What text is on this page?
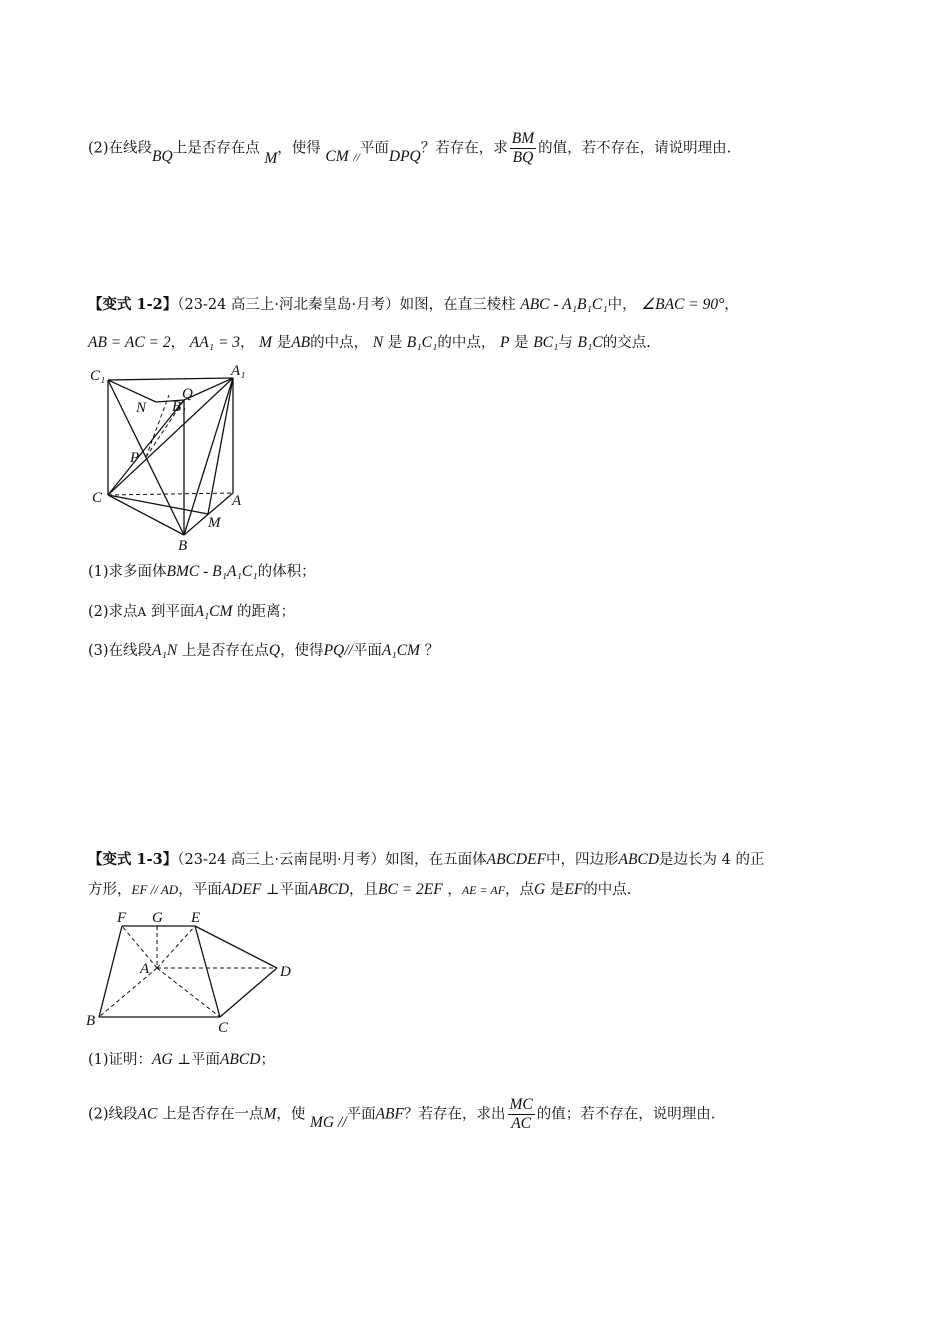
(2)在线段BQ上是否存在点 M，使得 CM $_{//}$平面DPQ？若存在，求 $\frac{BM}{BQ}$ 的值，若不存在，请说明理由.
【变式 1-2】（23-24 高三上·河北秦皇岛·月考）如图，在直三棱柱 ABC - A₁B₁C₁中， ∠BAC = 90°，
AB = AC = 2， AA₁ = 3， M 是AB的中点， N 是 B₁C₁的中点， P 是 BC₁与 B₁C的交点.
C₁	A₁
B₁
Q
N
P
C	A
M
B
(1)求多面体BMC - B₁A₁C₁的体积；
(2)求点A 到平面A₁CM 的距离；
(3)在线段A₁N 上是否存在点Q，使得PQ//平面A₁CM ？
【变式 1-3】（23-24 高三上·云南昆明·月考）如图，在五面体ABCDEF中，四边形ABCD是边长为 4 的正
方形，EF // AD，平面ADEF ⊥平面ABCD，且BC = 2EF ，AE = AF，点G 是EF的中点.
F G E
A	D
B	C
(1)证明：AG ⊥平面ABCD；
(2)线段AC 上是否存在一点M，使 MG //平面ABF？若存在，求出 $\frac{MC}{AC}$ 的值；若不存在，说明理由.
